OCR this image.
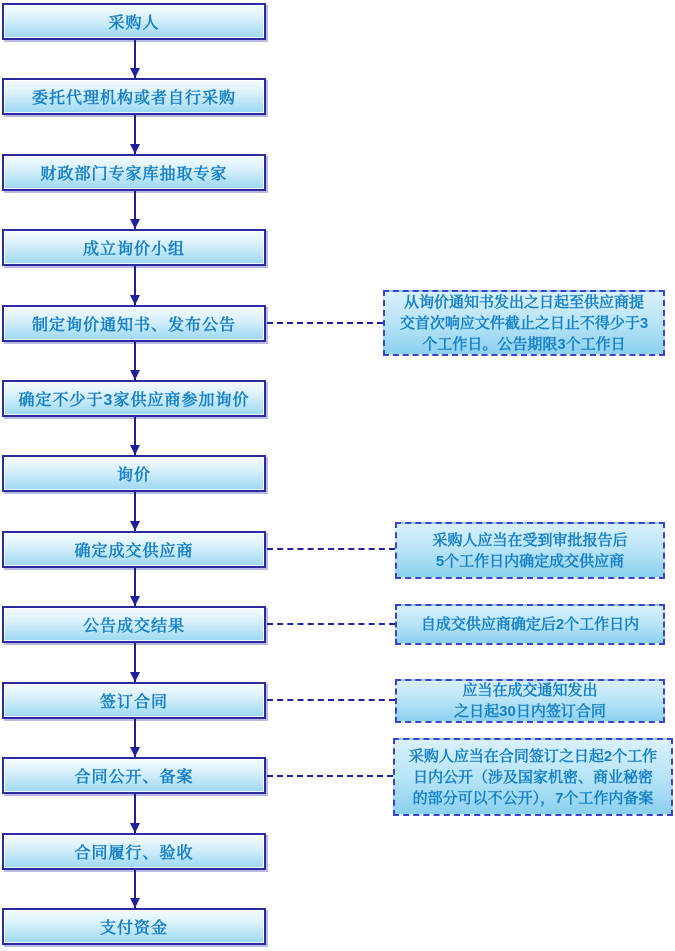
采购人
委托代理机构或者自行采购
财政部门专家库抽取专家
成立询价小组
制定询价通知书、发布公告
确定不少于3家供应商参加询价
询价
确定成交供应商
公告成交结果
签订合同
合同公开、备案
合同履行、验收
支付资金
从询价通知书发出之日起至供应商提
交首次响应文件截止之日止不得少于3
个工作日。公告期限3个工作日
采购人应当在受到审批报告后
5个工作日内确定成交供应商
自成交供应商确定后2个工作日内
应当在成交通知发出
之日起30日内签订合同
采购人应当在合同签订之日起2个工作
日内公开（涉及国家机密、商业秘密
的部分可以不公开），7个工作内备案
